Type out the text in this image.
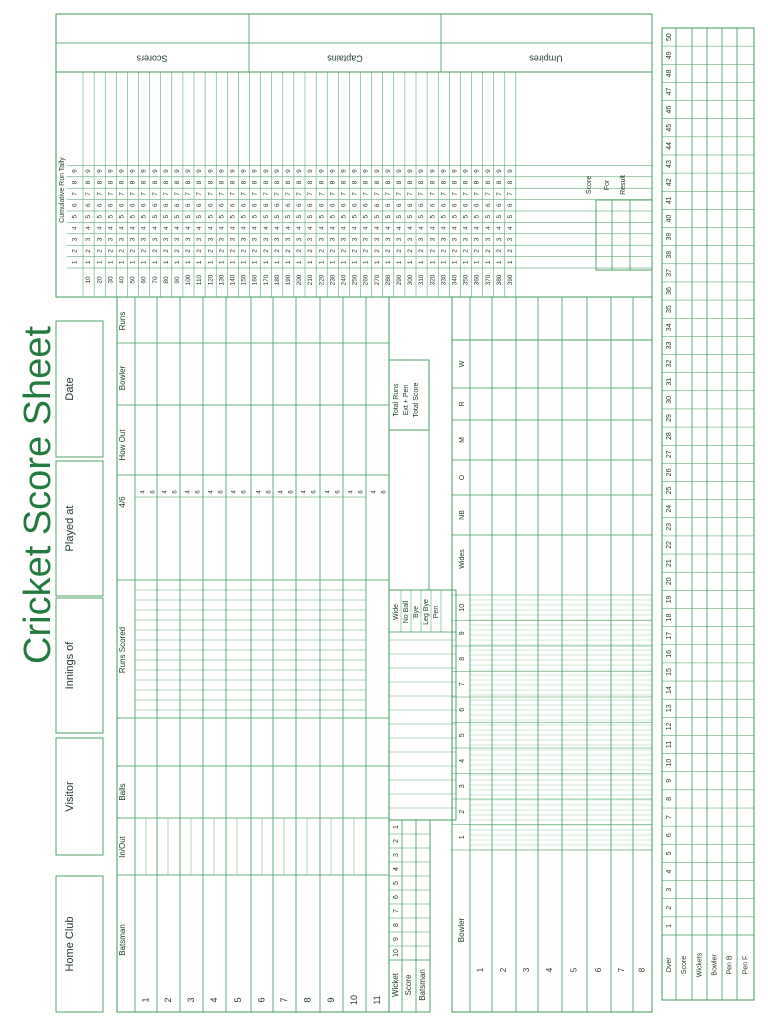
Cricket Score Sheet
Home Club
Visitor
Innings of
Played at
Date
Batsman
In/Out
Balls
Runs Scored
4/6
How Out
Bowler
Runs
1
4 6
2
4 6
3
4 6
4
4 6
5
4 6
6
4 6
7
4 6
8
4 6
9
4 6
10
4 6
11
4 6
1
2
3
4
5
6
7
8
9
10
Wicket Score Batsman
Wide No Ball Bye Leg Bye Pen
Total Runs Ext + Pen Total Score
Bowler
1 2 3 4 5 6 7 8
1
2
3
4
5
6
7
8
9
10
Wides
NB
O
M
R
W
Scorers	Captains	Umpires
Cumulative Run Tally
10
1
2
3
4
5
6
7
8
9
20
1
2
3
4
5
6
7
8
9
30
1
2
3
4
5
6
7
8
9
40
1
2
3
4
5
6
7
8
9
50
1
2
3
4
5
6
7
8
9
60
1
2
3
4
5
6
7
8
9
70
1
2
3
4
5
6
7
8
9
80
1
2
3
4
5
6
7
8
9
90
1
2
3
4
5
6
7
8
9
100
1
2
3
4
5
6
7
8
9
110
1
2
3
4
5
6
7
8
9
120
1
2
3
4
5
6
7
8
9
130
1
2
3
4
5
6
7
8
9
140
1
2
3
4
5
6
7
8
9
150
1
2
3
4
5
6
7
8
9
160
1
2
3
4
5
6
7
8
9
170
1
2
3
4
5
6
7
8
9
180
1
2
3
4
5
6
7
8
9
190
1
2
3
4
5
6
7
8
9
200
1
2
3
4
5
6
7
8
9
210
1
2
3
4
5
6
7
8
9
220
1
2
3
4
5
6
7
8
9
230
1
2
3
4
5
6
7
8
9
240
1
2
3
4
5
6
7
8
9
250
1
2
3
4
5
6
7
8
9
260
1
2
3
4
5
6
7
8
9
270
1
2
3
4
5
6
7
8
9
280
1
2
3
4
5
6
7
8
9
290
1
2
3
4
5
6
7
8
9
300
1
2
3
4
5
6
7
8
9
310
1
2
3
4
5
6
7
8
9
320
1
2
3
4
5
6
7
8
9
330
1
2
3
4
5
6
7
8
9
340
1
2
3
4
5
6
7
8
9
350
1
2
3
4
5
6
7
8
9
360
1
2
3
4
5
6
7
8
9
370
1
2
3
4
5
6
7
8
9
380
1
2
3
4
5
6
7
8
9
390
1
2
3
4
5
6
7
8
9
1
2
3
4
5
6
7
8
9
Score For Result
Over Score Wickets Bowler Pen B Pen F
1
2
3
4
5
6
7
8
9
10
11
12
13
14
15
16
17
18
19
20
21
22
23
24
25
26
27
28
29
30
31
32
33
34
35
36
37
38
39
40
41
42
43
44
45
46
47
48
49
50
